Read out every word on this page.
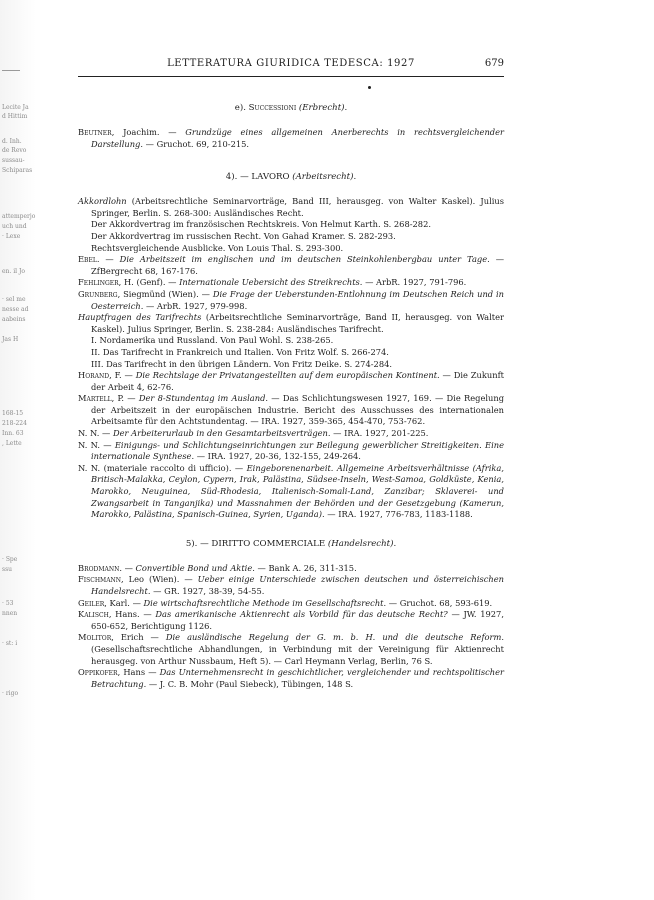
Lecite Ja
d Hittim
d. Inh.
de Revo
sussau-
Schiparas
attemperjo
uch und
· Lexe
en. il Jo
· sel me
nesse ad
aabeins
Jas H
168-15
218-224
Inn. 63
, Lette
· Spe
ssu
· 53
nnen
· st: i
· rigo
LETTERATURA GIURIDICA TEDESCA: 1927	679
e). Successioni (Erbrecht).

Beutner, Joachim. — Grundzüge eines allgemeinen Anerberechts in rechtsvergleichender Darstellung. — Gruchot. 69, 210-215.

4). — LAVORO (Arbeitsrecht).

Akkordlohn (Arbeitsrechtliche Seminarvorträge, Band III, herausgeg. von Walter Kaskel). Julius Springer, Berlin. S. 268-300: Ausländisches Recht.

Der Akkordvertrag im französischen Rechtskreis. Von Helmut Karth. S. 268-282.

Der Akkordvertrag im russischen Recht. Von Gahad Kramer. S. 282-293.

Rechtsvergleichende Ausblicke. Von Louis Thal. S. 293-300.

Ebel. — Die Arbeitszeit im englischen und im deutschen Steinkohlenbergbau unter Tage. — ZfBergrecht 68, 167-176.

Fehlinger, H. (Genf). — Internationale Uebersicht des Streikrechts. — ArbR. 1927, 791-796.

Grunberg, Siegmünd (Wien). — Die Frage der Ueberstunden-Entlohnung im Deutschen Reich und in Oesterreich. — ArbR. 1927, 979-998.

Hauptfragen des Tarifrechts (Arbeitsrechtliche Seminarvorträge, Band II, herausgeg. von Walter Kaskel). Julius Springer, Berlin. S. 238-284: Ausländisches Tarifrecht.

I. Nordamerika und Russland. Von Paul Wohl. S. 238-265.

II. Das Tarifrecht in Frankreich und Italien. Von Fritz Wolf. S. 266-274.

III. Das Tarifrecht in den übrigen Ländern. Von Fritz Deike. S. 274-284.

Horand, F. — Die Rechtslage der Privatangestellten auf dem europäischen Kontinent. — Die Zukunft der Arbeit 4, 62-76.

Martell, P. — Der 8-Stundentag im Ausland. — Das Schlichtungswesen 1927, 169. — Die Regelung der Arbeitszeit in der europäischen Industrie. Bericht des Ausschusses des internationalen Arbeitsamte für den Achtstundentag. — IRA. 1927, 359-365, 454-470, 753-762.

N. N. — Der Arbeiterurlaub in den Gesamtarbeitsverträgen. — IRA. 1927, 201-225.

N. N. — Einigungs- und Schlichtungseinrichtungen zur Beilegung gewerblicher Streitigkeiten. Eine internationale Synthese. — IRA. 1927, 20-36, 132-155, 249-264.

N. N. (materiale raccolto di ufficio). — Eingeborenenarbeit. Allgemeine Arbeitsverhältnisse (Afrika, Britisch-Malakka, Ceylon, Cypern, Irak, Palästina, Südsee-Inseln, West-Samoa, Goldküste, Kenia, Marokko, Neuguinea, Süd-Rhodesia, Italienisch-Somali-Land, Zanzibar; Sklaverei- und Zwangsarbeit in Tanganjika) und Massnahmen der Behörden und der Gesetzgebung (Kamerun, Marokko, Palästina, Spanisch-Guinea, Syrien, Uganda). — IRA. 1927, 776-783, 1183-1188.

5). — DIRITTO COMMERCIALE (Handelsrecht).

Brodmann. — Convertible Bond und Aktie. — Bank A. 26, 311-315.

Fischmann, Leo (Wien). — Ueber einige Unterschiede zwischen deutschen und österreichischen Handelsrecht. — GR. 1927, 38-39, 54-55.

Geiler, Karl. — Die wirtschaftsrechtliche Methode im Gesellschaftsrecht. — Gruchot. 68, 593-619.

Kalisch, Hans. — Das amerikanische Aktienrecht als Vorbild für das deutsche Recht? — JW. 1927, 650-652, Berichtigung 1126.

Molitor, Erich — Die ausländische Regelung der G. m. b. H. und die deutsche Reform. (Gesellschaftsrechtliche Abhandlungen, in Verbindung mit der Vereinigung für Aktienrecht herausgeg. von Arthur Nussbaum, Heft 5). — Carl Heymann Verlag, Berlin, 76 S.

Oppikofer, Hans — Das Unternehmensrecht in geschichtlicher, vergleichender und rechtspolitischer Betrachtung. — J. C. B. Mohr (Paul Siebeck), Tübingen, 148 S.
